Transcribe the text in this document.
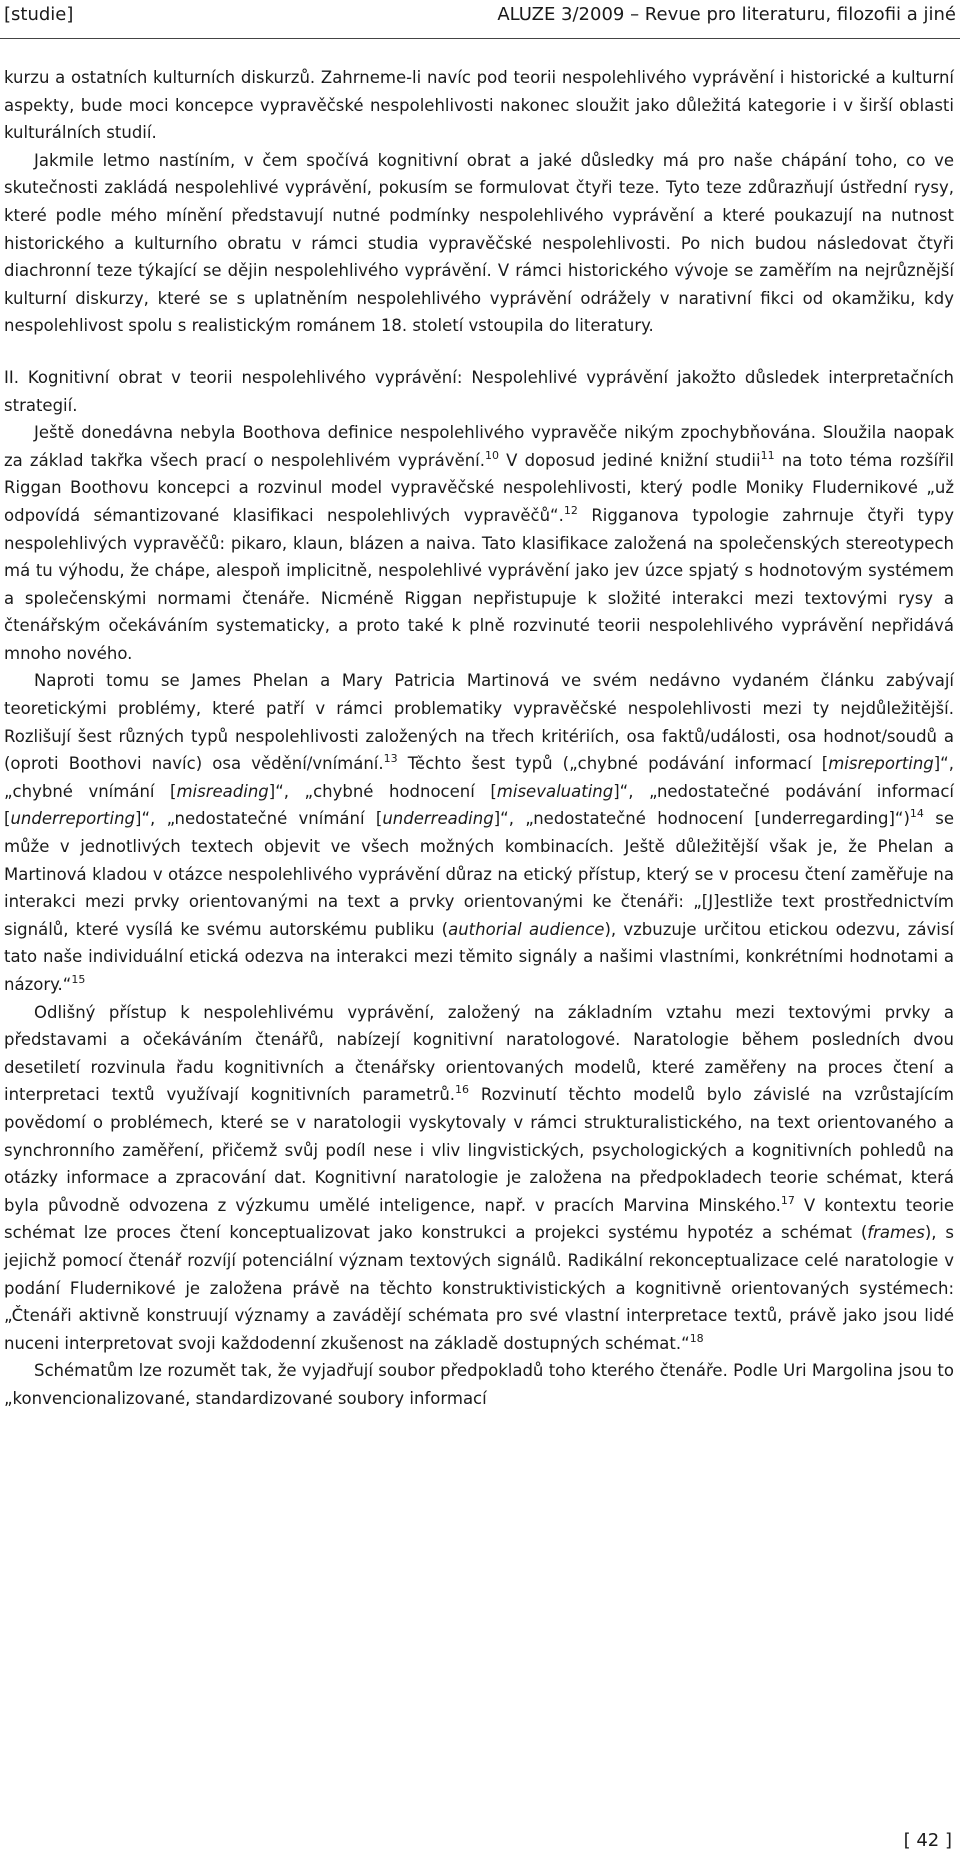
[studie]	ALUZE 3/2009 – Revue pro literaturu, filozofii a jiné

kurzu a ostatních kulturních diskurzů. Zahrneme-li navíc pod teorii nespolehlivého vyprávění i historické a kulturní aspekty, bude moci koncepce vypravěčské nespolehlivosti nakonec sloužit jako důležitá kategorie i v širší oblasti kulturálních studií.

Jakmile letmo nastíním, v čem spočívá kognitivní obrat a jaké důsledky má pro naše chápání toho, co ve skutečnosti zakládá nespolehlivé vyprávění, pokusím se formulovat čtyři teze. Tyto teze zdůrazňují ústřední rysy, které podle mého mínění představují nutné podmínky nespolehlivého vyprávění a které poukazují na nutnost historického a kulturního obratu v rámci studia vypravěčské nespolehlivosti. Po nich budou následovat čtyři diachronní teze týkající se dějin nespolehlivého vyprávění. V rámci historického vývoje se zaměřím na nejrůznější kulturní diskurzy, které se s uplatněním nespolehlivého vyprávění odrážely v narativní fikci od okamžiku, kdy nespolehlivost spolu s realistickým románem 18. století vstoupila do literatury.

II. Kognitivní obrat v teorii nespolehlivého vyprávění: Nespolehlivé vyprávění jakožto důsledek interpretačních strategií.

Ještě donedávna nebyla Boothova definice nespolehlivého vypravěče nikým zpochybňována. Sloužila naopak za základ takřka všech prací o nespolehlivém vyprávění.$^{10}$ V doposud jediné knižní studii$^{11}$ na toto téma rozšířil Riggan Boothovu koncepci a rozvinul model vypravěčské nespolehlivosti, který podle Moniky Fludernikové „už odpovídá sémantizované klasifikaci nespolehlivých vypravěčů“.$^{12}$ Rigganova typologie zahrnuje čtyři typy nespolehlivých vypravěčů: pikaro, klaun, blázen a naiva. Tato klasifikace založená na společenských stereotypech má tu výhodu, že chápe, alespoň implicitně, nespolehlivé vyprávění jako jev úzce spjatý s hodnotovým systémem a společenskými normami čtenáře. Nicméně Riggan nepřistupuje k složité interakci mezi textovými rysy a čtenářským očekáváním systematicky, a proto také k plně rozvinuté teorii nespolehlivého vyprávění nepřidává mnoho nového.

Naproti tomu se James Phelan a Mary Patricia Martinová ve svém nedávno vydaném článku zabývají teoretickými problémy, které patří v rámci problematiky vypravěčské nespolehlivosti mezi ty nejdůležitější. Rozlišují šest různých typů nespolehlivosti založených na třech kritériích, osa faktů/události, osa hodnot/soudů a (oproti Boothovi navíc) osa vědění/vnímání.$^{13}$ Těchto šest typů („chybné podávání informací [misreporting]“, „chybné vnímání [misreading]“, „chybné hodnocení [misevaluating]“, „nedostatečné podávání informací [underreporting]“, „nedostatečné vnímání [underreading]“, „nedostatečné hodnocení [underregarding]“)$^{14}$ se může v jednotlivých textech objevit ve všech možných kombinacích. Ještě důležitější však je, že Phelan a Martinová kladou v otázce nespolehlivého vyprávění důraz na etický přístup, který se v procesu čtení zaměřuje na interakci mezi prvky orientovanými na text a prvky orientovanými ke čtenáři: „[J]estliže text prostřednictvím signálů, které vysílá ke svému autorskému publiku (authorial audience), vzbuzuje určitou etickou odezvu, závisí tato naše individuální etická odezva na interakci mezi těmito signály a našimi vlastními, konkrétními hodnotami a názory.“$^{15}$

Odlišný přístup k nespolehlivému vyprávění, založený na základním vztahu mezi textovými prvky a představami a očekáváním čtenářů, nabízejí kognitivní naratologové. Naratologie během posledních dvou desetiletí rozvinula řadu kognitivních a čtenářsky orientovaných modelů, které zaměřeny na proces čtení a interpretaci textů využívají kognitivních parametrů.$^{16}$ Rozvinutí těchto modelů bylo závislé na vzrůstajícím povědomí o problémech, které se v naratologii vyskytovaly v rámci strukturalistického, na text orientovaného a synchronního zaměření, přičemž svůj podíl nese i vliv lingvistických, psychologických a kognitivních pohledů na otázky informace a zpracování dat. Kognitivní naratologie je založena na předpokladech teorie schémat, která byla původně odvozena z výzkumu umělé inteligence, např. v pracích Marvina Minského.$^{17}$ V kontextu teorie schémat lze proces čtení konceptualizovat jako konstrukci a projekci systému hypotéz a schémat (frames), s jejichž pomocí čtenář rozvíjí potenciální význam textových signálů. Radikální rekonceptualizace celé naratologie v podání Fludernikové je založena právě na těchto konstruktivistických a kognitivně orientovaných systémech: „Čtenáři aktivně konstruují významy a zavádějí schémata pro své vlastní interpretace textů, právě jako jsou lidé nuceni interpretovat svoji každodenní zkušenost na základě dostupných schémat.“$^{18}$

Schématům lze rozumět tak, že vyjadřují soubor předpokladů toho kterého čtenáře. Podle Uri Margolina jsou to „konvencionalizované, standardizované soubory informací

[ 42 ]
